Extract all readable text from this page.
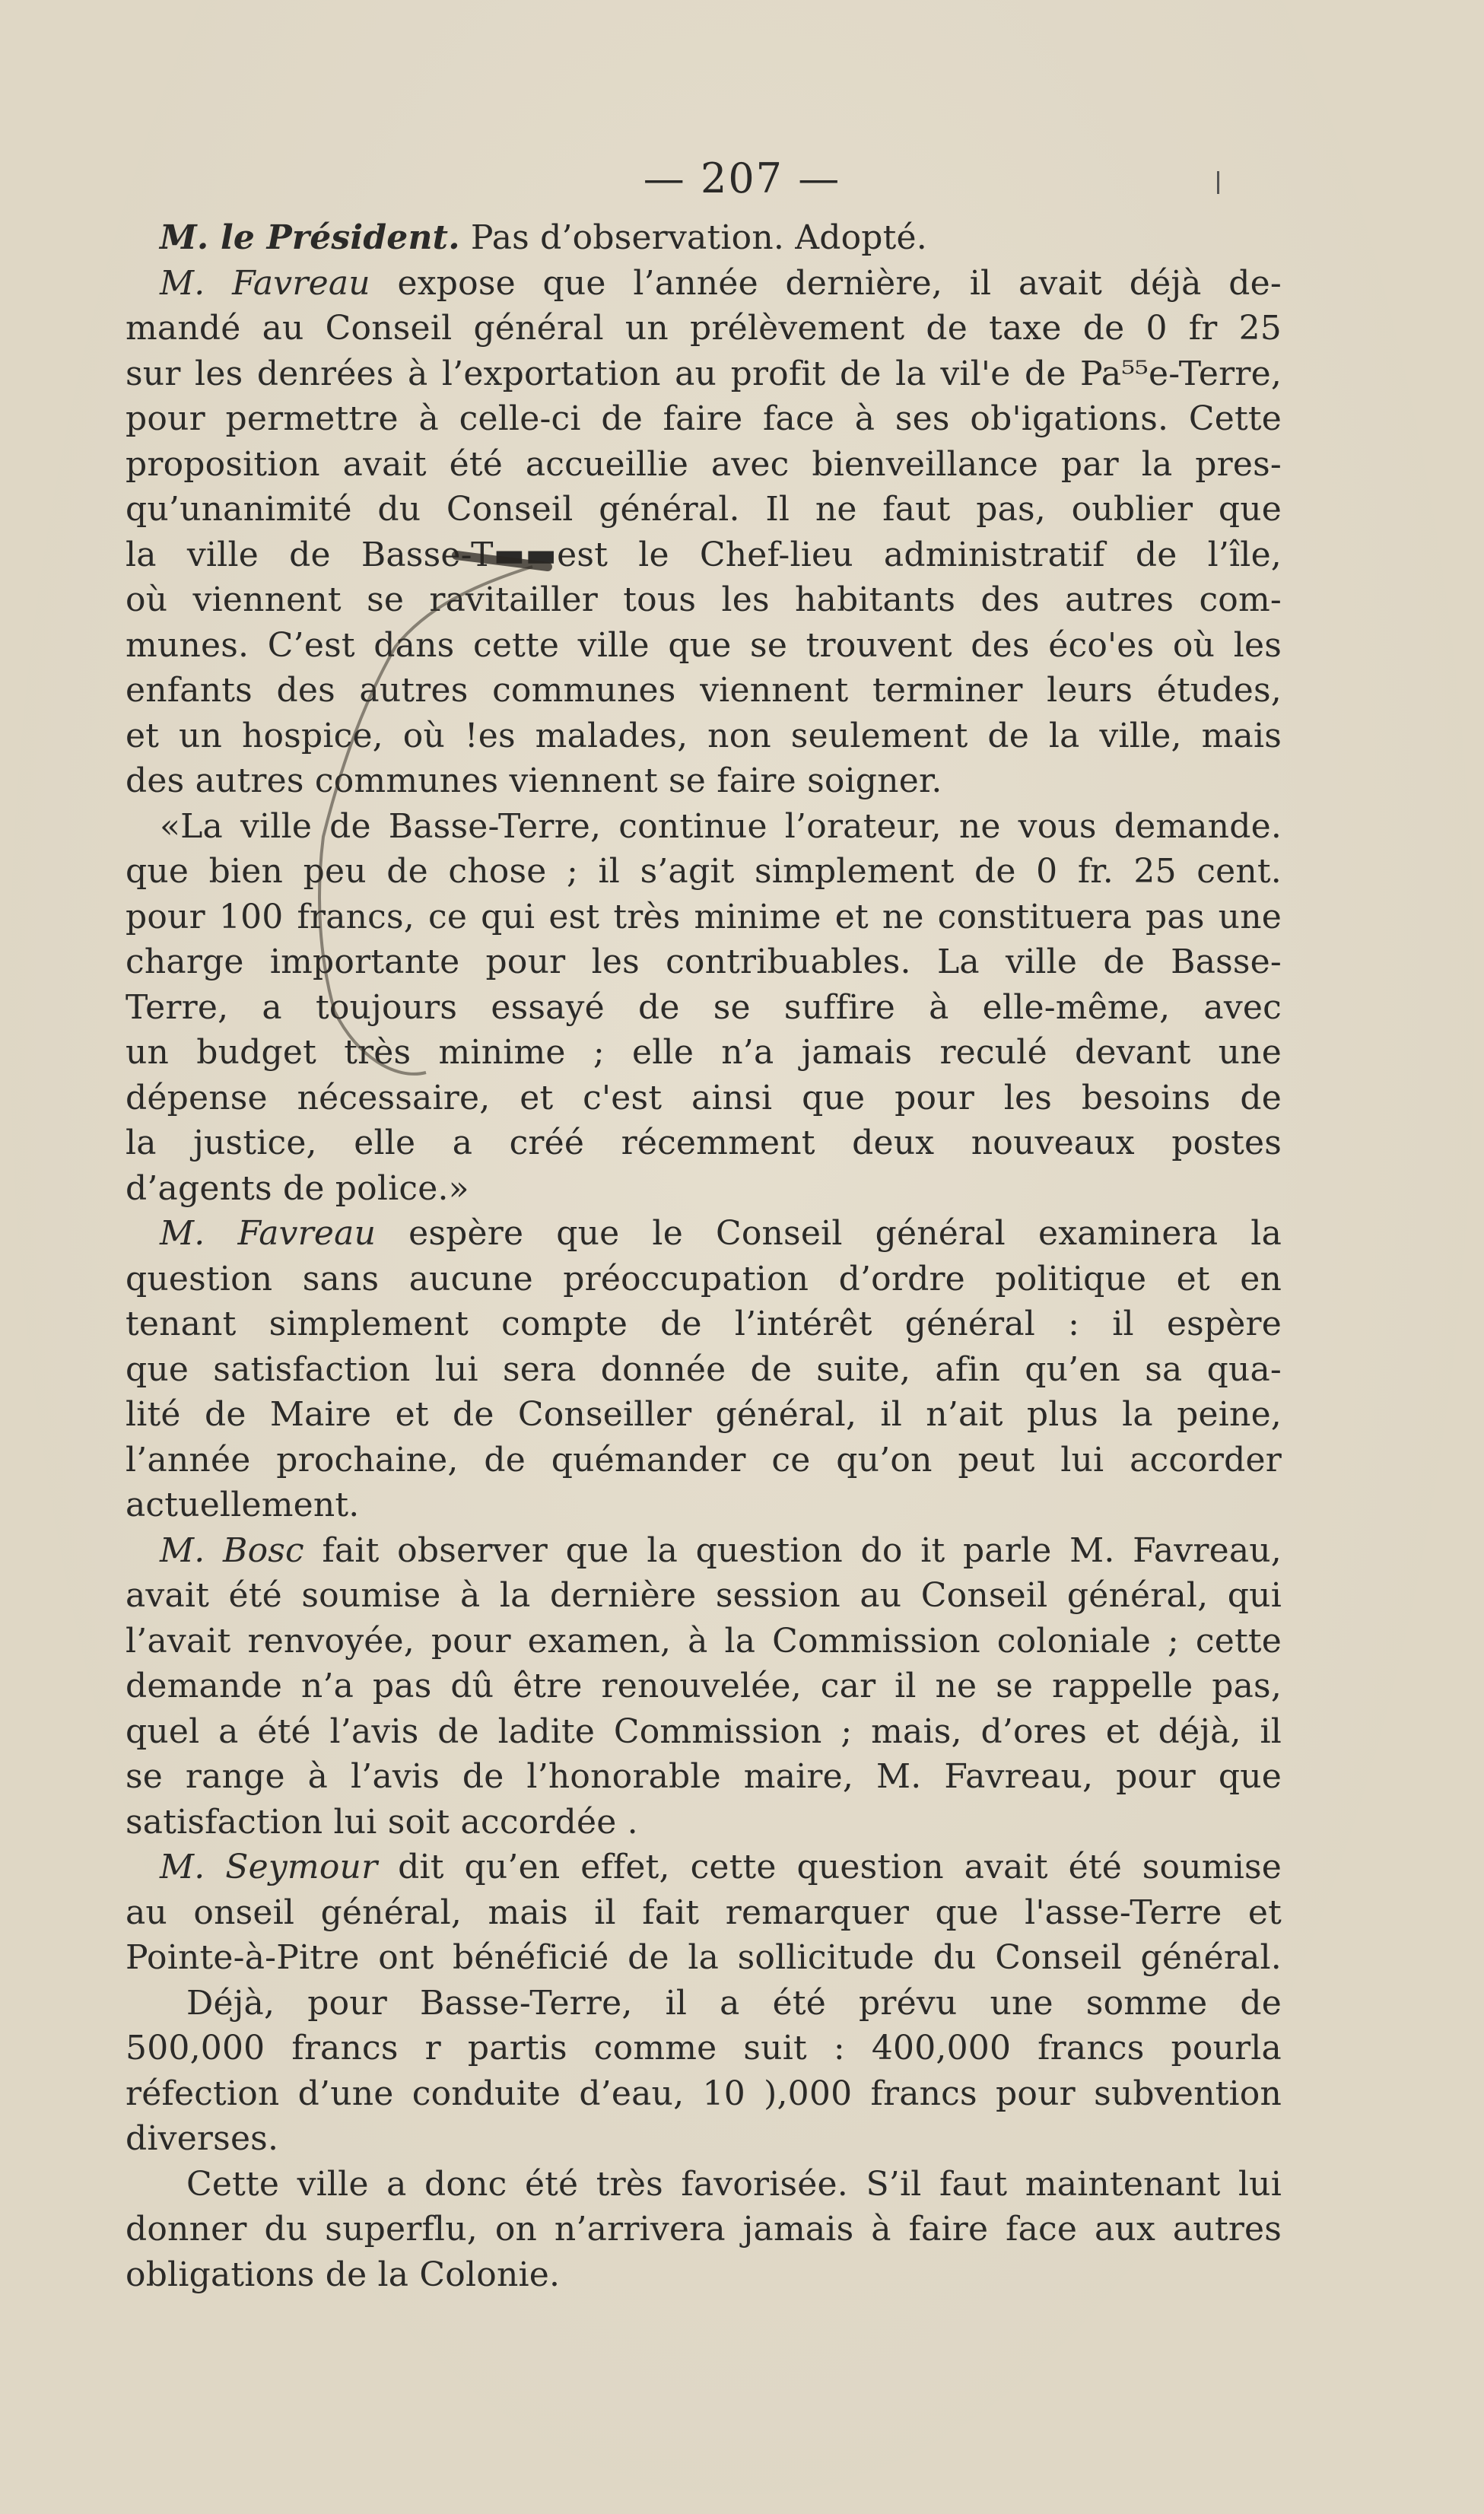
— 207 —
M. le Président. Pas d’observation. Adopté.
M. Favreau expose que l’année dernière, il avait déjà de-
mandé au Conseil général un prélèvement de taxe de 0 fr 25
sur les denrées à l’exportation au profit de la vil'e de Pa⁵⁵e-Terre,
pour permettre à celle-ci de faire face à ses ob'igations. Cette
proposition avait été accueillie avec bienveillance par la pres-
qu’unanimité du Conseil général. Il ne faut pas, oublier que
la ville de Basse-T▬▬est le Chef-lieu administratif de l’île,
où viennent se ravitailler tous les habitants des autres com-
munes. C’est dans cette ville que se trouvent des éco'es où les
enfants des autres communes viennent terminer leurs études,
et un hospice, où !es malades, non seulement de la ville, mais
des autres communes viennent se faire soigner.
«La ville de Basse-Terre, continue l’orateur, ne vous demande.
que bien peu de chose ; il s’agit simplement de 0 fr. 25 cent.
pour 100 francs, ce qui est très minime et ne constituera pas une
charge importante pour les contribuables. La ville de Basse-
Terre, a toujours essayé de se suffire à elle-même, avec
un budget très minime ; elle n’a jamais reculé devant une
dépense nécessaire, et c'est ainsi que pour les besoins de
la justice, elle a créé récemment deux nouveaux postes
d’agents de police.»
M. Favreau espère que le Conseil général examinera la
question sans aucune préoccupation d’ordre politique et en
tenant simplement compte de l’intérêt général : il espère
que satisfaction lui sera donnée de suite, afin qu’en sa qua-
lité de Maire et de Conseiller général, il n’ait plus la peine,
l’année prochaine, de quémander ce qu’on peut lui accorder
actuellement.
M. Bosc fait observer que la question do it parle M. Favreau,
avait été soumise à la dernière session au Conseil général, qui
l’avait renvoyée, pour examen, à la Commission coloniale ; cette
demande n’a pas dû être renouvelée, car il ne se rappelle pas,
quel a été l’avis de ladite Commission ; mais, d’ores et déjà, il
se range à l’avis de l’honorable maire, M. Favreau, pour que
satisfaction lui soit accordée .
M. Seymour dit qu’en effet, cette question avait été soumise
au onseil général, mais il fait remarquer que l'asse-Terre et
Pointe-à-Pitre ont bénéficié de la sollicitude du Conseil général.
Déjà, pour Basse-Terre, il a été prévu une somme de
500,000 francs r partis comme suit : 400,000 francs pourla
réfection d’une conduite d’eau, 10 ),000 francs pour subvention
diverses.
Cette ville a donc été très favorisée. S’il faut maintenant lui
donner du superflu, on n’arrivera jamais à faire face aux autres
obligations de la Colonie.
